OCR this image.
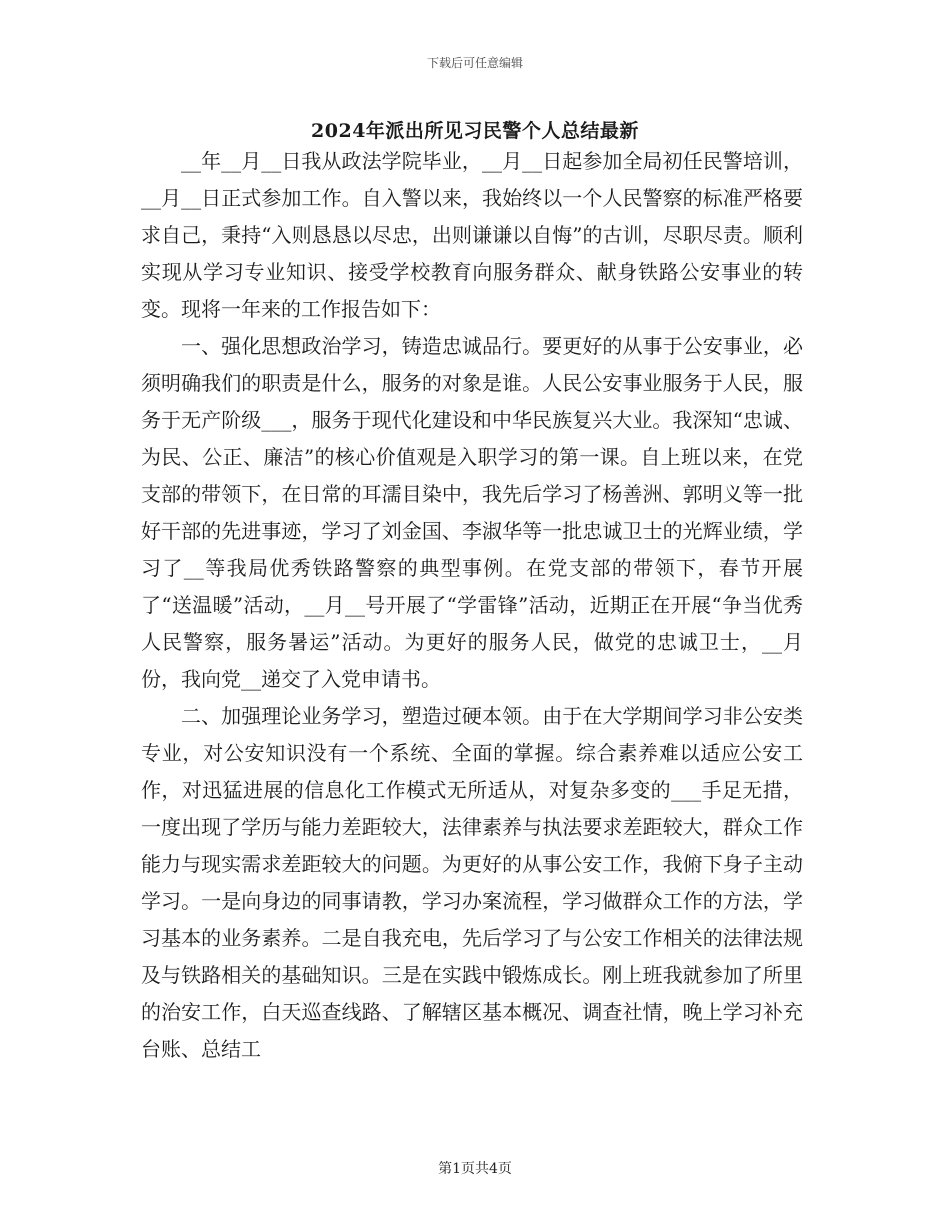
下载后可任意编辑
2024年派出所见习民警个人总结最新

__年__月__日我从政法学院毕业，__月__日起参加全局初任民警培训，__月__日正式参加工作。自入警以来，我始终以一个人民警察的标准严格要求自己，秉持“入则恳恳以尽忠，出则谦谦以自悔”的古训，尽职尽责。顺利实现从学习专业知识、接受学校教育向服务群众、献身铁路公安事业的转变。现将一年来的工作报告如下：

一、强化思想政治学习，铸造忠诚品行。要更好的从事于公安事业，必须明确我们的职责是什么，服务的对象是谁。人民公安事业服务于人民，服务于无产阶级___，服务于现代化建设和中华民族复兴大业。我深知“忠诚、为民、公正、廉洁”的核心价值观是入职学习的第一课。自上班以来，在党支部的带领下，在日常的耳濡目染中，我先后学习了杨善洲、郭明义等一批好干部的先进事迹，学习了刘金国、李淑华等一批忠诚卫士的光辉业绩，学习了__等我局优秀铁路警察的典型事例。在党支部的带领下，春节开展了“送温暖”活动，__月__号开展了“学雷锋”活动，近期正在开展“争当优秀人民警察，服务暑运”活动。为更好的服务人民，做党的忠诚卫士，__月份，我向党__递交了入党申请书。

二、加强理论业务学习，塑造过硬本领。由于在大学期间学习非公安类专业，对公安知识没有一个系统、全面的掌握。综合素养难以适应公安工作，对迅猛进展的信息化工作模式无所适从，对复杂多变的___手足无措，一度出现了学历与能力差距较大，法律素养与执法要求差距较大，群众工作能力与现实需求差距较大的问题。为更好的从事公安工作，我俯下身子主动学习。一是向身边的同事请教，学习办案流程，学习做群众工作的方法，学习基本的业务素养。二是自我充电，先后学习了与公安工作相关的法律法规及与铁路相关的基础知识。三是在实践中锻炼成长。刚上班我就参加了所里的治安工作，白天巡查线路、了解辖区基本概况、调查社情，晚上学习补充台账、总结工

第1页共4页
